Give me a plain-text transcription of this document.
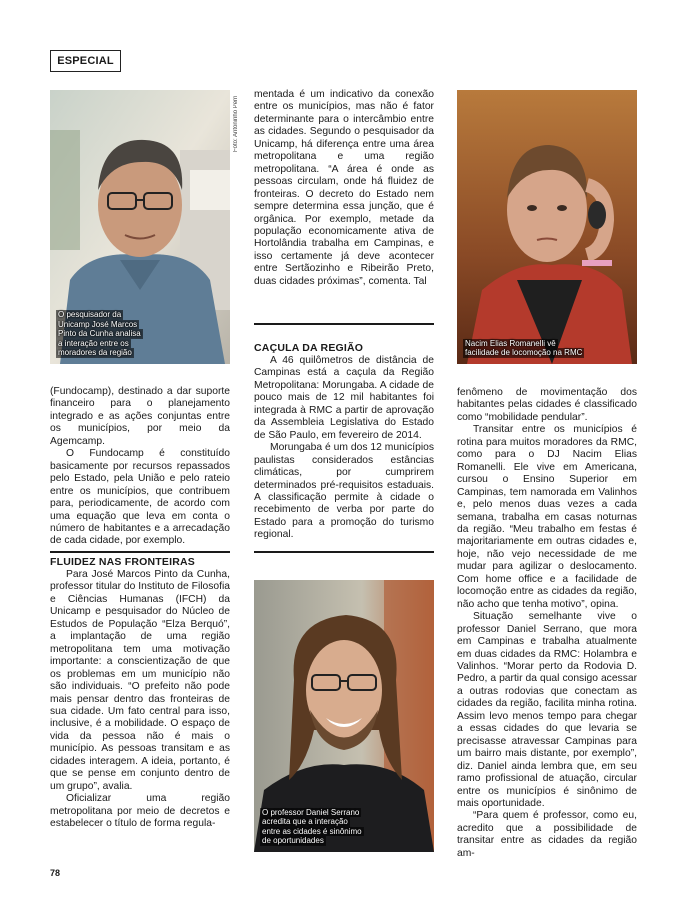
ESPECIAL
O pesquisador da
Unicamp José Marcos
Pinto da Cunha analisa
a interação entre os
moradores da região
Foto: Antoninho Perri
Nacim Elias Romanelli vê
facilidade de locomoção na RMC
O professor Daniel Serrano
acredita que a interação
entre as cidades é sinônimo
de oportunidades

(Fundocamp), destinado a dar suporte financeiro para o planejamento integrado e as ações conjuntas entre os municípios, por meio da Agemcamp.

O Fundocamp é constituído basicamente por recursos repassados pelo Estado, pela União e pelo rateio entre os municípios, que contribuem para, periodicamente, de acordo com uma equação que leva em conta o número de habitantes e a arrecadação de cada cidade, por exemplo.

FLUIDEZ NAS FRONTEIRAS

Para José Marcos Pinto da Cunha, professor titular do Instituto de Filosofia e Ciências Humanas (IFCH) da Unicamp e pesquisador do Núcleo de Estudos de População “Elza Berquó”, a implantação de uma região metropolitana tem uma motivação importante: a conscientização de que os problemas em um município não são individuais. “O prefeito não pode mais pensar dentro das fronteiras de sua cidade. Um fato central para isso, inclusive, é a mobilidade. O espaço de vida da pessoa não é mais o município. As pessoas transitam e as cidades interagem. A ideia, portanto, é que se pense em conjunto dentro de um grupo”, avalia.

Oficializar uma região metropolitana por meio de decretos e estabelecer o título de forma regula-

mentada é um indicativo da conexão entre os municípios, mas não é fator determinante para o intercâmbio entre as cidades. Segundo o pesquisador da Unicamp, há diferença entre uma área metropolitana e uma região metropolitana. “A área é onde as pessoas circulam, onde há fluidez de fronteiras. O decreto do Estado nem sempre determina essa junção, que é orgânica. Por exemplo, metade da população economicamente ativa de Hortolândia trabalha em Campinas, e isso certamente já deve acontecer entre Sertãozinho e Ribeirão Preto, duas cidades próximas”, comenta. Tal

CAÇULA DA REGIÃO

A 46 quilômetros de distância de Campinas está a caçula da Região Metropolitana: Morungaba. A cidade de pouco mais de 12 mil habitantes foi integrada à RMC a partir de aprovação da Assembleia Legislativa do Estado de São Paulo, em fevereiro de 2014.

Morungaba é um dos 12 municípios paulistas considerados estâncias climáticas, por cumprirem determinados pré-requisitos estaduais. A classificação permite à cidade o recebimento de verba por parte do Estado para a promoção do turismo regional.

fenômeno de movimentação dos habitantes pelas cidades é classificado como “mobilidade pendular”.

Transitar entre os municípios é rotina para muitos moradores da RMC, como para o DJ Nacim Elias Romanelli. Ele vive em Americana, cursou o Ensino Superior em Campinas, tem namorada em Valinhos e, pelo menos duas vezes a cada semana, trabalha em casas noturnas da região. “Meu trabalho em festas é majoritariamente em outras cidades e, hoje, não vejo necessidade de me mudar para agilizar o deslocamento. Com home office e a facilidade de locomoção entre as cidades da região, não acho que tenha motivo”, opina.

Situação semelhante vive o professor Daniel Serrano, que mora em Campinas e trabalha atualmente em duas cidades da RMC: Holambra e Valinhos. “Morar perto da Rodovia D. Pedro, a partir da qual consigo acessar a outras rodovias que conectam as cidades da região, facilita minha rotina. Assim levo menos tempo para chegar a essas cidades do que levaria se precisasse atravessar Campinas para um bairro mais distante, por exemplo”, diz. Daniel ainda lembra que, em seu ramo profissional de atuação, circular entre os municípios é sinônimo de mais oportunidade.

“Para quem é professor, como eu, acredito que a possibilidade de transitar entre as cidades da região am-

78
